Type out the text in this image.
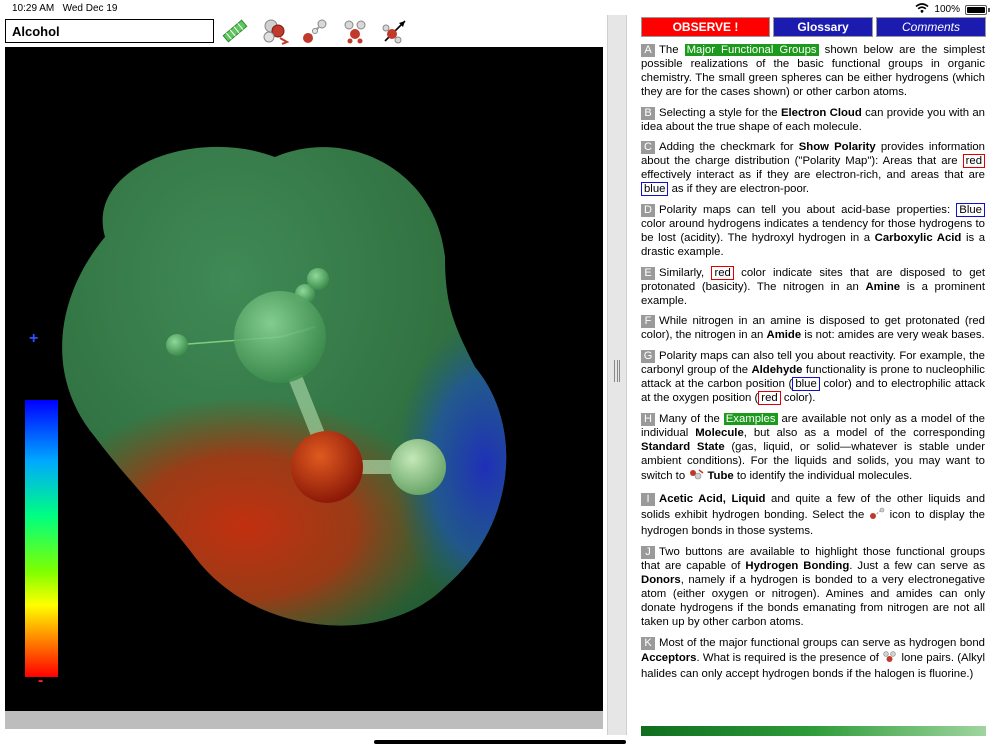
10:29 AM Wed Dec 19	100%
Alcohol
+
-
OBSERVE !	Glossary	Comments

A The Major Functional Groups shown below are the simplest possible realizations of the basic functional groups in organic chemistry. The small green spheres can be either hydrogens (which they are for the cases shown) or other carbon atoms.

B Selecting a style for the Electron Cloud can provide you with an idea about the true shape of each molecule.

C Adding the checkmark for Show Polarity provides information about the charge distribution ("Polarity Map"): Areas that are red effectively interact as if they are electron-rich, and areas that are blue as if they are electron-poor.

D Polarity maps can tell you about acid-base properties: Blue color around hydrogens indicates a tendency for those hydrogens to be lost (acidity). The hydroxyl hydrogen in a Carboxylic Acid is a drastic example.

E Similarly, red color indicate sites that are disposed to get protonated (basicity). The nitrogen in an Amine is a prominent example.

F While nitrogen in an amine is disposed to get protonated (red color), the nitrogen in an Amide is not: amides are very weak bases.

G Polarity maps can also tell you about reactivity. For example, the carbonyl group of the Aldehyde functionality is prone to nucleophilic attack at the carbon position ( blue color) and to electrophilic attack at the oxygen position ( red color).

H Many of the Examples are available not only as a model of the individual Molecule, but also as a model of the corresponding Standard State (gas, liquid, or solid—whatever is stable under ambient conditions). For the liquids and solids, you may want to switch to Tube to identify the individual molecules.

I Acetic Acid, Liquid and quite a few of the other liquids and solids exhibit hydrogen bonding. Select the icon to display the hydrogen bonds in those systems.

J Two buttons are available to highlight those functional groups that are capable of Hydrogen Bonding. Just a few can serve as Donors, namely if a hydrogen is bonded to a very electronegative atom (either oxygen or nitrogen). Amines and amides can only donate hydrogens if the bonds emanating from nitrogen are not all taken up by other carbon atoms.

K Most of the major functional groups can serve as hydrogen bond Acceptors. What is required is the presence of lone pairs. (Alkyl halides can only accept hydrogen bonds if the halogen is fluorine.)
